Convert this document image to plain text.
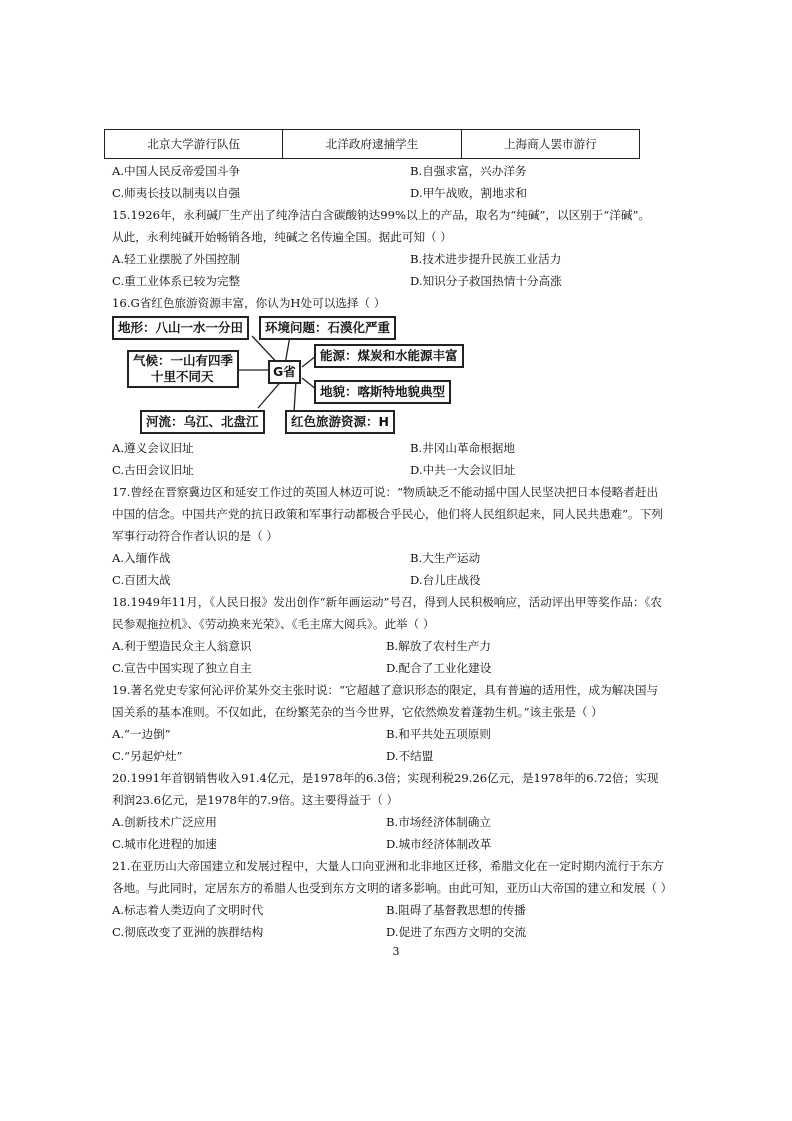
北京大学游行队伍	北洋政府逮捕学生	上海商人罢市游行
A.中国人民反帝爱国斗争	B.自强求富，兴办洋务
C.师夷长技以制夷以自强	D.甲午战败，割地求和
15.1926年，永利碱厂生产出了纯净洁白含碳酸钠达99%以上的产品，取名为“纯碱”，以区别于“洋碱”。
从此，永利纯碱开始畅销各地，纯碱之名传遍全国。据此可知（ ）
A.轻工业摆脱了外国控制	B.技术进步提升民族工业活力
C.重工业体系已较为完整	D.知识分子救国热情十分高涨
16.G省红色旅游资源丰富，你认为H处可以选择（ ）
地形：八山一水一分田	环境问题：石漠化严重
气候：一山有四季
十里不同天	G省
能源：煤炭和水能源丰富
地貌：喀斯特地貌典型
河流：乌江、北盘江	红色旅游资源：H
A.遵义会议旧址	B.井冈山革命根据地
C.古田会议旧址	D.中共一大会议旧址
17.曾经在晋察冀边区和延安工作过的英国人林迈可说：“物质缺乏不能动摇中国人民坚决把日本侵略者赶出
中国的信念。中国共产党的抗日政策和军事行动都极合乎民心，他们将人民组织起来，同人民共患难”。下列
军事行动符合作者认识的是（ ）
A.入缅作战	B.大生产运动
C.百团大战	D.台儿庄战役
18.1949年11月，《人民日报》发出创作“新年画运动”号召，得到人民积极响应，活动评出甲等奖作品：《农
民参观拖拉机》、《劳动换来光荣》、《毛主席大阅兵》。此举（ ）
A.利于塑造民众主人翁意识	B.解放了农村生产力
C.宣告中国实现了独立自主	D.配合了工业化建设
19.著名党史专家何沁评价某外交主张时说：“它超越了意识形态的限定，具有普遍的适用性，成为解决国与
国关系的基本准则。不仅如此，在纷繁芜杂的当今世界，它依然焕发着蓬勃生机。”该主张是（ ）
A.“一边倒”	B.和平共处五项原则
C.“另起炉灶”	D.不结盟
20.1991年首钢销售收入91.4亿元，是1978年的6.3倍；实现利税29.26亿元，是1978年的6.72倍；实现
利润23.6亿元，是1978年的7.9倍。这主要得益于（ ）
A.创新技术广泛应用	B.市场经济体制确立
C.城市化进程的加速	D.城市经济体制改革
21.在亚历山大帝国建立和发展过程中，大量人口向亚洲和北非地区迁移，希腊文化在一定时期内流行于东方
各地。与此同时，定居东方的希腊人也受到东方文明的诸多影响。由此可知，亚历山大帝国的建立和发展（ ）
A.标志着人类迈向了文明时代	B.阻碍了基督教思想的传播
C.彻底改变了亚洲的族群结构	D.促进了东西方文明的交流
3
